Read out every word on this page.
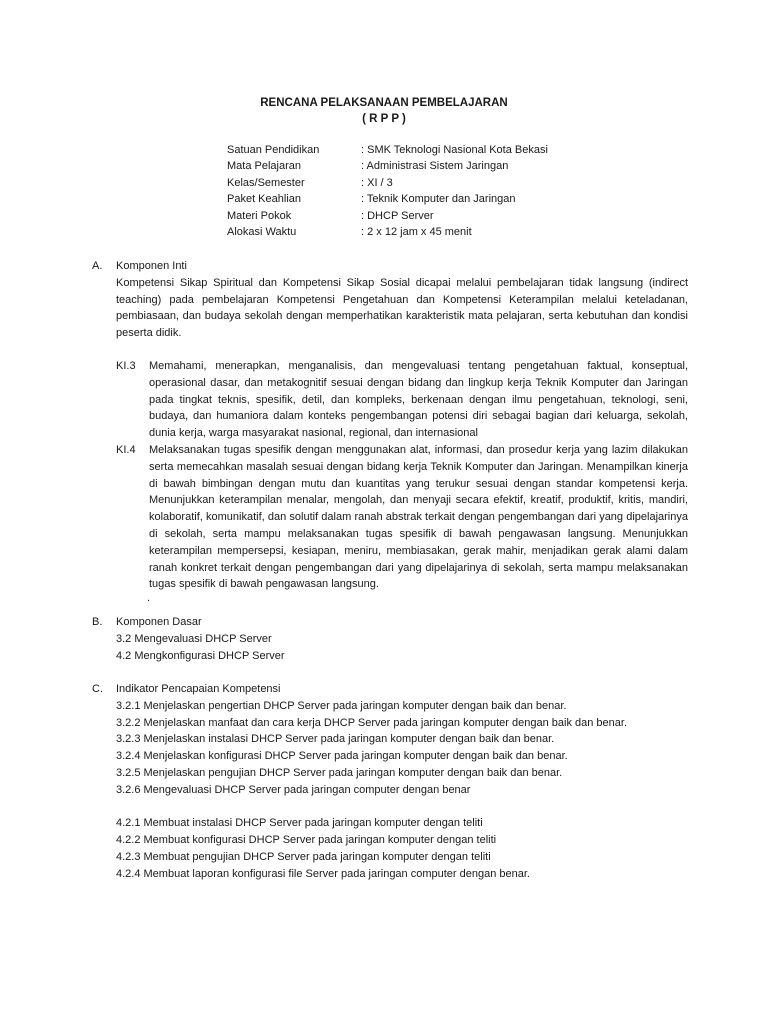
RENCANA PELAKSANAAN PEMBELAJARAN
( R P P )
Satuan Pendidikan	: SMK Teknologi Nasional Kota Bekasi
Mata Pelajaran	: Administrasi Sistem Jaringan
Kelas/Semester	: XI / 3
Paket Keahlian	: Teknik Komputer dan Jaringan
Materi Pokok	: DHCP Server
Alokasi Waktu	: 2 x 12 jam x 45 menit
A.	Komponen Inti
Kompetensi Sikap Spiritual dan Kompetensi Sikap Sosial dicapai melalui pembelajaran tidak langsung (indirect teaching) pada pembelajaran Kompetensi Pengetahuan dan Kompetensi Keterampilan melalui keteladanan, pembiasaan, dan budaya sekolah dengan memperhatikan karakteristik mata pelajaran, serta kebutuhan dan kondisi peserta didik.
KI.3	Memahami, menerapkan, menganalisis, dan mengevaluasi tentang pengetahuan faktual, konseptual, operasional dasar, dan metakognitif sesuai dengan bidang dan lingkup kerja Teknik Komputer dan Jaringan pada tingkat teknis, spesifik, detil, dan kompleks, berkenaan dengan ilmu pengetahuan, teknologi, seni, budaya, dan humaniora dalam konteks pengembangan potensi diri sebagai bagian dari keluarga, sekolah, dunia kerja, warga masyarakat nasional, regional, dan internasional
KI.4	Melaksanakan tugas spesifik dengan menggunakan alat, informasi, dan prosedur kerja yang lazim dilakukan serta memecahkan masalah sesuai dengan bidang kerja Teknik Komputer dan Jaringan. Menampilkan kinerja di bawah bimbingan dengan mutu dan kuantitas yang terukur sesuai dengan standar kompetensi kerja. Menunjukkan keterampilan menalar, mengolah, dan menyaji secara efektif, kreatif, produktif, kritis, mandiri, kolaboratif, komunikatif, dan solutif dalam ranah abstrak terkait dengan pengembangan dari yang dipelajarinya di sekolah, serta mampu melaksanakan tugas spesifik di bawah pengawasan langsung. Menunjukkan keterampilan mempersepsi, kesiapan, meniru, membiasakan, gerak mahir, menjadikan gerak alami dalam ranah konkret terkait dengan pengembangan dari yang dipelajarinya di sekolah, serta mampu melaksanakan tugas spesifik di bawah pengawasan langsung.
.
B.	Komponen Dasar
3.2 Mengevaluasi DHCP Server
4.2 Mengkonfigurasi DHCP Server
C.	Indikator Pencapaian Kompetensi
3.2.1 Menjelaskan pengertian DHCP Server pada jaringan komputer dengan baik dan benar.
3.2.2 Menjelaskan manfaat dan cara kerja DHCP Server pada jaringan komputer dengan baik dan benar.
3.2.3 Menjelaskan instalasi DHCP Server pada jaringan komputer dengan baik dan benar.
3.2.4 Menjelaskan konfigurasi DHCP Server pada jaringan komputer dengan baik dan benar.
3.2.5 Menjelaskan pengujian DHCP Server pada jaringan komputer dengan baik dan benar.
3.2.6 Mengevaluasi DHCP Server pada jaringan computer dengan benar
4.2.1 Membuat instalasi DHCP Server pada jaringan komputer dengan teliti
4.2.2 Membuat konfigurasi DHCP Server pada jaringan komputer dengan teliti
4.2.3 Membuat pengujian DHCP Server pada jaringan komputer dengan teliti
4.2.4 Membuat laporan konfigurasi file Server pada jaringan computer dengan benar.
